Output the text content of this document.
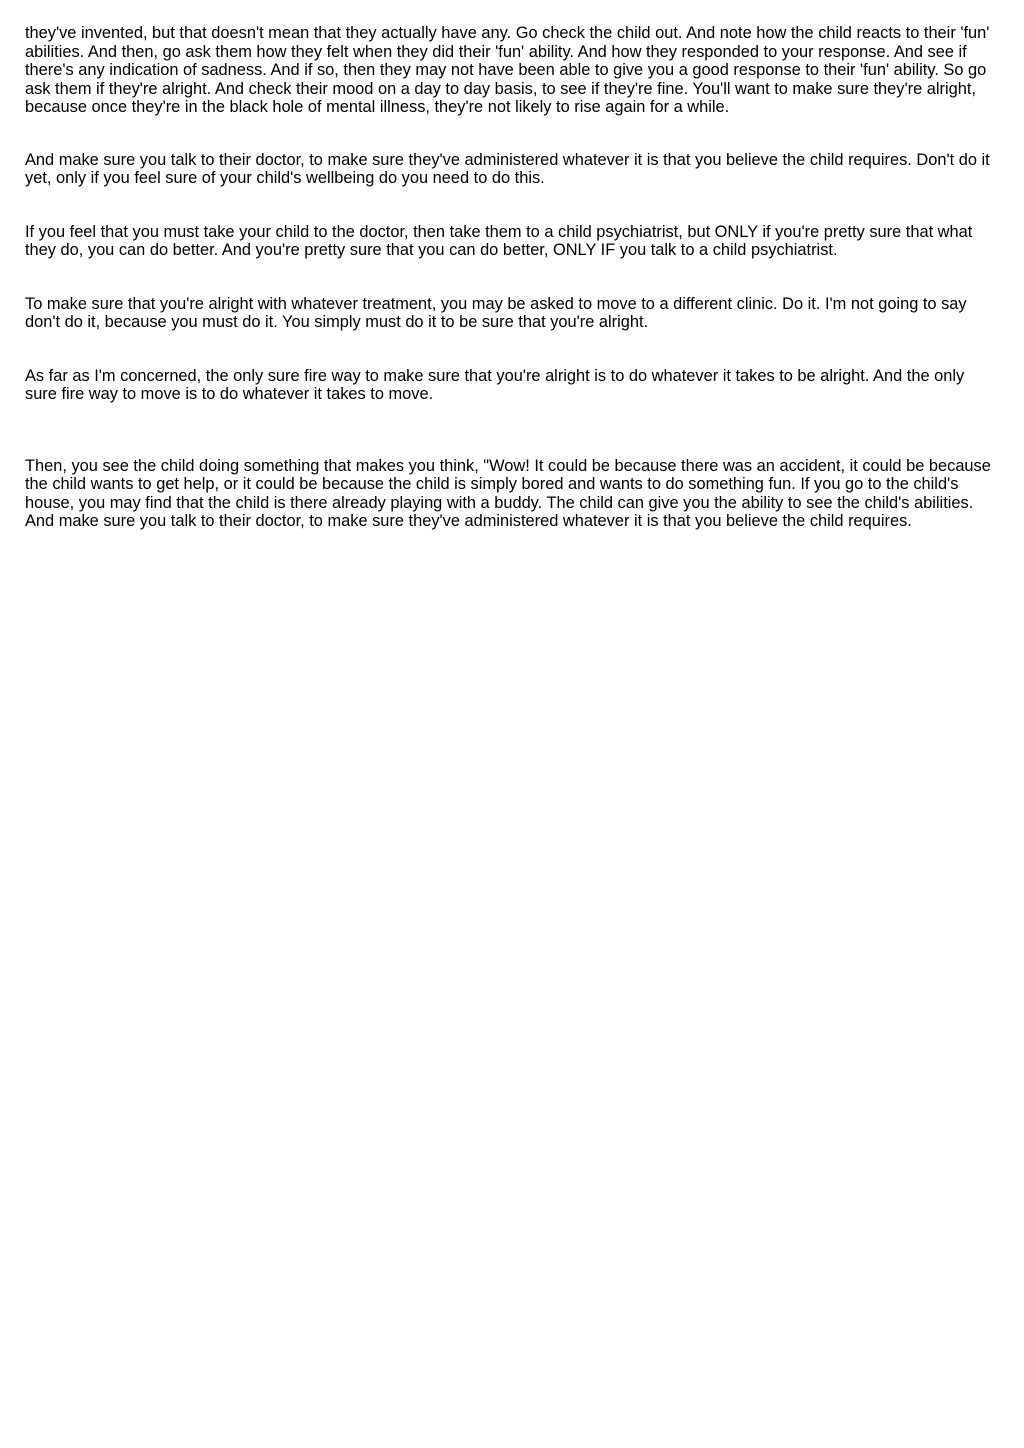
they've invented, but that doesn't mean that they actually have any. Go check the child out. And note how the child reacts to their 'fun' abilities. And then, go ask them how they felt when they did their 'fun' ability. And how they responded to your response. And see if there's any indication of sadness. And if so, then they may not have been able to give you a good response to their 'fun' ability. So go ask them if they're alright. And check their mood on a day to day basis, to see if they're fine. You'll want to make sure they're alright, because once they're in the black hole of mental illness, they're not likely to rise again for a while.

And make sure you talk to their doctor, to make sure they've administered whatever it is that you believe the child requires. Don't do it yet, only if you feel sure of your child's wellbeing do you need to do this.

If you feel that you must take your child to the doctor, then take them to a child psychiatrist, but ONLY if you're pretty sure that what they do, you can do better. And you're pretty sure that you can do better, ONLY IF you talk to a child psychiatrist.

To make sure that you're alright with whatever treatment, you may be asked to move to a different clinic. Do it. I'm not going to say don't do it, because you must do it. You simply must do it to be sure that you're alright.

As far as I'm concerned, the only sure fire way to make sure that you're alright is to do whatever it takes to be alright. And the only sure fire way to move is to do whatever it takes to move.

Then, you see the child doing something that makes you think, "Wow! It could be because there was an accident, it could be because the child wants to get help, or it could be because the child is simply bored and wants to do something fun. If you go to the child's house, you may find that the child is there already playing with a buddy. The child can give you the ability to see the child's abilities. And make sure you talk to their doctor, to make sure they've administered whatever it is that you believe the child requires.
